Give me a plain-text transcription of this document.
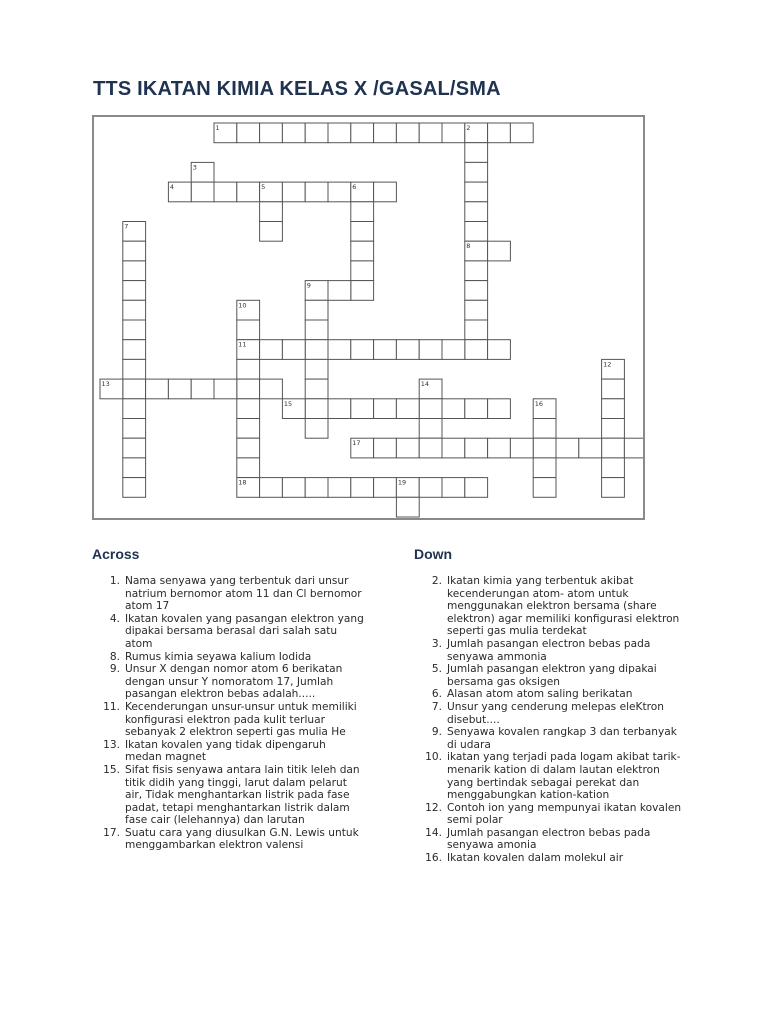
TTS IKATAN KIMIA KELAS X /GASAL/SMA
1	2
3
4	5	6
7
8
9
10
11
12
13	14
15	16
17
18	19
Across
1. Nama senyawa yang terbentuk dari unsur natrium bernomor atom 11 dan Cl bernomor atom 17
4. Ikatan kovalen yang pasangan elektron yang dipakai bersama berasal dari salah satu atom
8. Rumus kimia seyawa kalium Iodida
9. Unsur X dengan nomor atom 6 berikatan dengan unsur Y nomoratom 17, Jumlah pasangan elektron bebas adalah.....
11. Kecenderungan unsur-unsur untuk memiliki konfigurasi elektron pada kulit terluar sebanyak 2 elektron seperti gas mulia He
13. Ikatan kovalen yang tidak dipengaruh medan magnet
15. Sifat fisis senyawa antara lain titik leleh dan titik didih yang tinggi, larut dalam pelarut air, Tidak menghantarkan listrik pada fase padat, tetapi menghantarkan listrik dalam fase cair (lelehannya) dan larutan
17. Suatu cara yang diusulkan G.N. Lewis untuk menggambarkan elektron valensi
Down
2. Ikatan kimia yang terbentuk akibat kecenderungan atom- atom untuk menggunakan elektron bersama (share elektron) agar memiliki konfigurasi elektron seperti gas mulia terdekat
3. Jumlah pasangan electron bebas pada senyawa ammonia
5. Jumlah pasangan elektron yang dipakai bersama gas oksigen
6. Alasan atom atom saling berikatan
7. Unsur yang cenderung melepas eleKtron disebut....
9. Senyawa kovalen rangkap 3 dan terbanyak di udara
10. ikatan yang terjadi pada logam akibat tarik-menarik kation di dalam lautan elektron yang bertindak sebagai perekat dan menggabungkan kation-kation
12. Contoh ion yang mempunyai ikatan kovalen semi polar
14. Jumlah pasangan electron bebas pada senyawa amonia
16. Ikatan kovalen dalam molekul air
